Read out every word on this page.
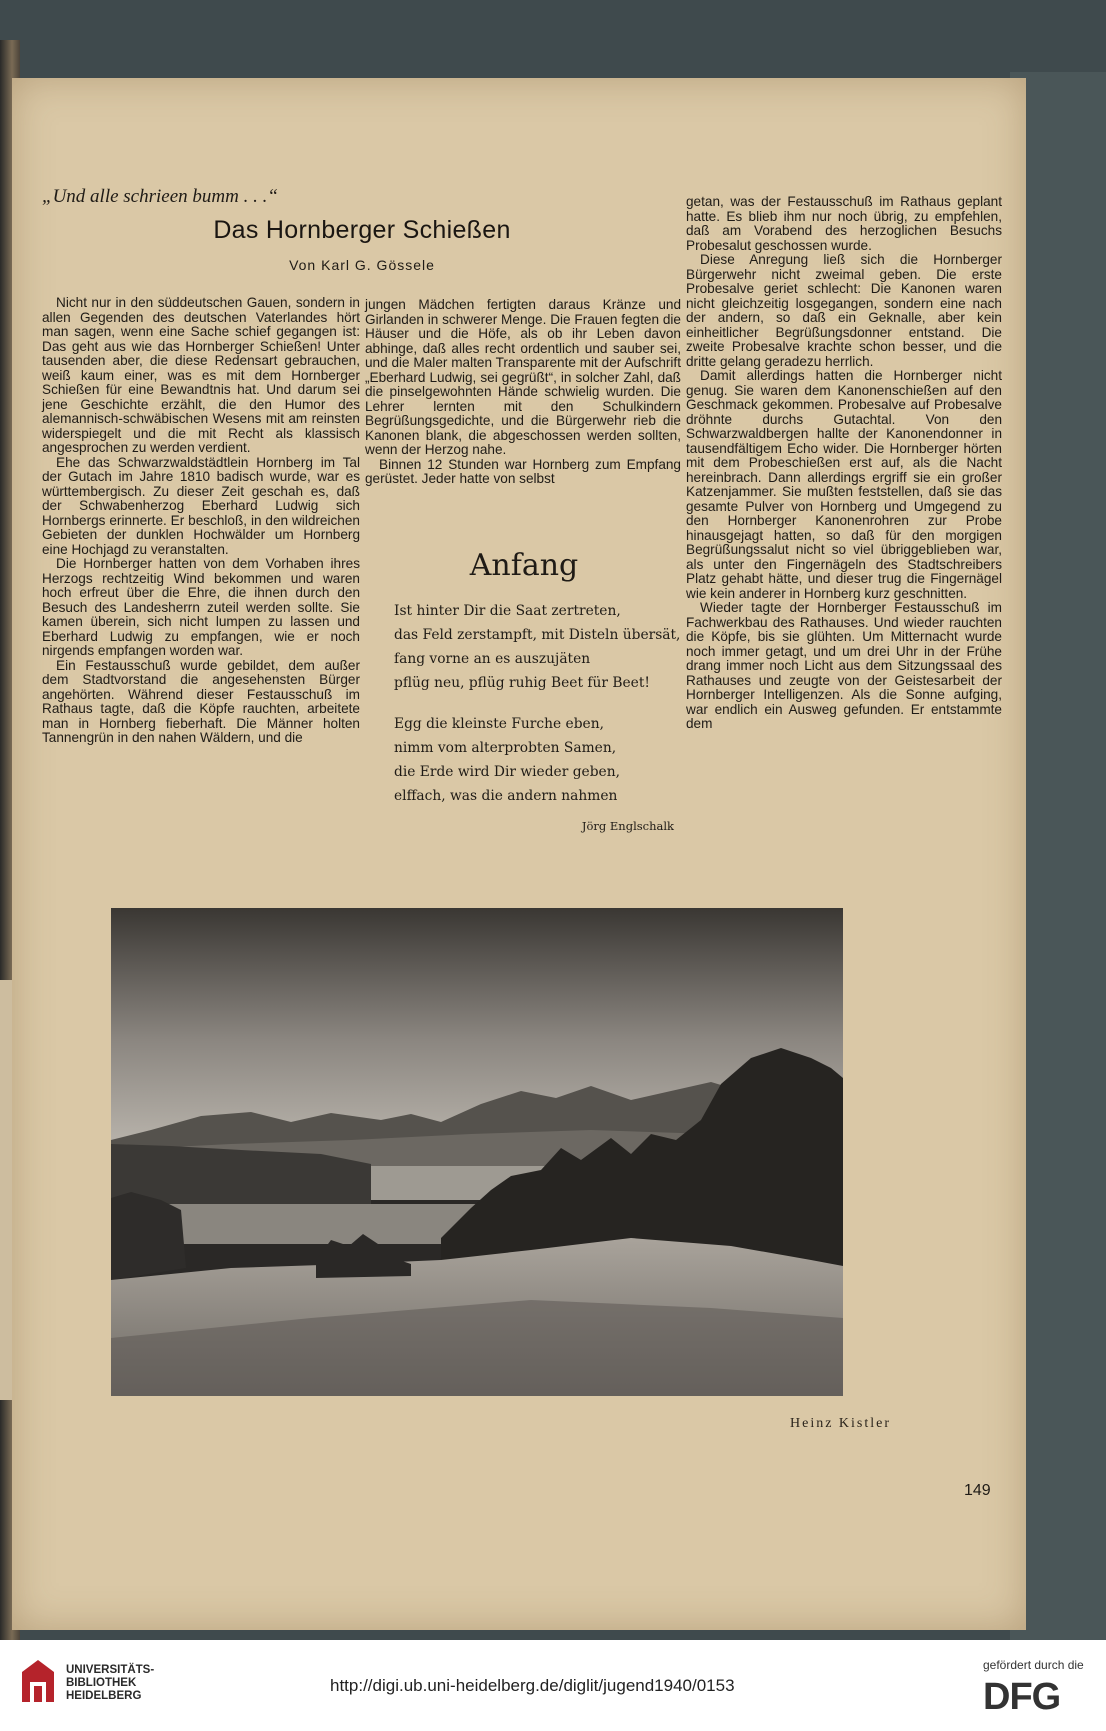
„Und alle schrieen bumm . . .“
Das Hornberger Schießen
Von Karl G. Gössele

Nicht nur in den süddeutschen Gauen, sondern in allen Gegenden des deutschen Vaterlandes hört man sagen, wenn eine Sache schief gegangen ist: Das geht aus wie das Hornberger Schießen! Unter tausenden aber, die diese Redensart gebrauchen, weiß kaum einer, was es mit dem Hornberger Schießen für eine Bewandtnis hat. Und darum sei jene Geschichte erzählt, die den Humor des alemannisch-schwäbischen Wesens mit am reinsten widerspiegelt und die mit Recht als klassisch angesprochen zu werden verdient.

Ehe das Schwarzwaldstädtlein Hornberg im Tal der Gutach im Jahre 1810 badisch wurde, war es württembergisch. Zu dieser Zeit geschah es, daß der Schwabenherzog Eberhard Ludwig sich Hornbergs erinnerte. Er beschloß, in den wildreichen Gebieten der dunklen Hochwälder um Hornberg eine Hochjagd zu veranstalten.

Die Hornberger hatten von dem Vorhaben ihres Herzogs rechtzeitig Wind bekommen und waren hoch erfreut über die Ehre, die ihnen durch den Besuch des Landesherrn zuteil werden sollte. Sie kamen überein, sich nicht lumpen zu lassen und Eberhard Ludwig zu empfangen, wie er noch nirgends empfangen worden war.

Ein Festausschuß wurde gebildet, dem außer dem Stadtvorstand die angesehensten Bürger angehörten. Während dieser Festausschuß im Rathaus tagte, daß die Köpfe rauchten, arbeitete man in Hornberg fieberhaft. Die Männer holten Tannengrün in den nahen Wäldern, und die

jungen Mädchen fertigten daraus Kränze und Girlanden in schwerer Menge. Die Frauen fegten die Häuser und die Höfe, als ob ihr Leben davon abhinge, daß alles recht ordentlich und sauber sei, und die Maler malten Transparente mit der Aufschrift „Eberhard Ludwig, sei gegrüßt“, in solcher Zahl, daß die pinselgewohnten Hände schwielig wurden. Die Lehrer lernten mit den Schulkindern Begrüßungsgedichte, und die Bürgerwehr rieb die Kanonen blank, die abgeschossen werden sollten, wenn der Herzog nahe.

Binnen 12 Stunden war Hornberg zum Empfang gerüstet. Jeder hatte von selbst

Anfang
Ist hinter Dir die Saat zertreten,
das Feld zerstampft, mit Disteln übersät,
fang vorne an es auszujäten
pflüg neu, pflüg ruhig Beet für Beet!
Egg die kleinste Furche eben,
nimm vom alterprobten Samen,
die Erde wird Dir wieder geben,
elffach, was die andern nahmen
Jörg Englschalk

getan, was der Festausschuß im Rathaus geplant hatte. Es blieb ihm nur noch übrig, zu empfehlen, daß am Vorabend des herzoglichen Besuchs Probesalut geschossen wurde.

Diese Anregung ließ sich die Hornberger Bürgerwehr nicht zweimal geben. Die erste Probesalve geriet schlecht: Die Kanonen waren nicht gleichzeitig losgegangen, sondern eine nach der andern, so daß ein Geknalle, aber kein einheitlicher Begrüßungsdonner entstand. Die zweite Probesalve krachte schon besser, und die dritte gelang geradezu herrlich.

Damit allerdings hatten die Hornberger nicht genug. Sie waren dem Kanonenschießen auf den Geschmack gekommen. Probesalve auf Probesalve dröhnte durchs Gutachtal. Von den Schwarzwaldbergen hallte der Kanonendonner in tausendfältigem Echo wider. Die Hornberger hörten mit dem Probeschießen erst auf, als die Nacht hereinbrach. Dann allerdings ergriff sie ein großer Katzenjammer. Sie mußten feststellen, daß sie das gesamte Pulver von Hornberg und Umgegend zu den Hornberger Kanonenrohren zur Probe hinausgejagt hatten, so daß für den morgigen Begrüßungssalut nicht so viel übriggeblieben war, als unter den Fingernägeln des Stadtschreibers Platz gehabt hätte, und dieser trug die Fingernägel wie kein anderer in Hornberg kurz geschnitten.

Wieder tagte der Hornberger Festausschuß im Fachwerkbau des Rathauses. Und wieder rauchten die Köpfe, bis sie glühten. Um Mitternacht wurde noch immer getagt, und um drei Uhr in der Frühe drang immer noch Licht aus dem Sitzungssaal des Rathauses und zeugte von der Geistesarbeit der Hornberger Intelligenzen. Als die Sonne aufging, war endlich ein Ausweg gefunden. Er entstammte dem

Heinz Kistler
149
UNIVERSITÄTS-
BIBLIOTHEK
HEIDELBERG
http://digi.ub.uni-heidelberg.de/diglit/jugend1940/0153
gefördert durch die
DFG
